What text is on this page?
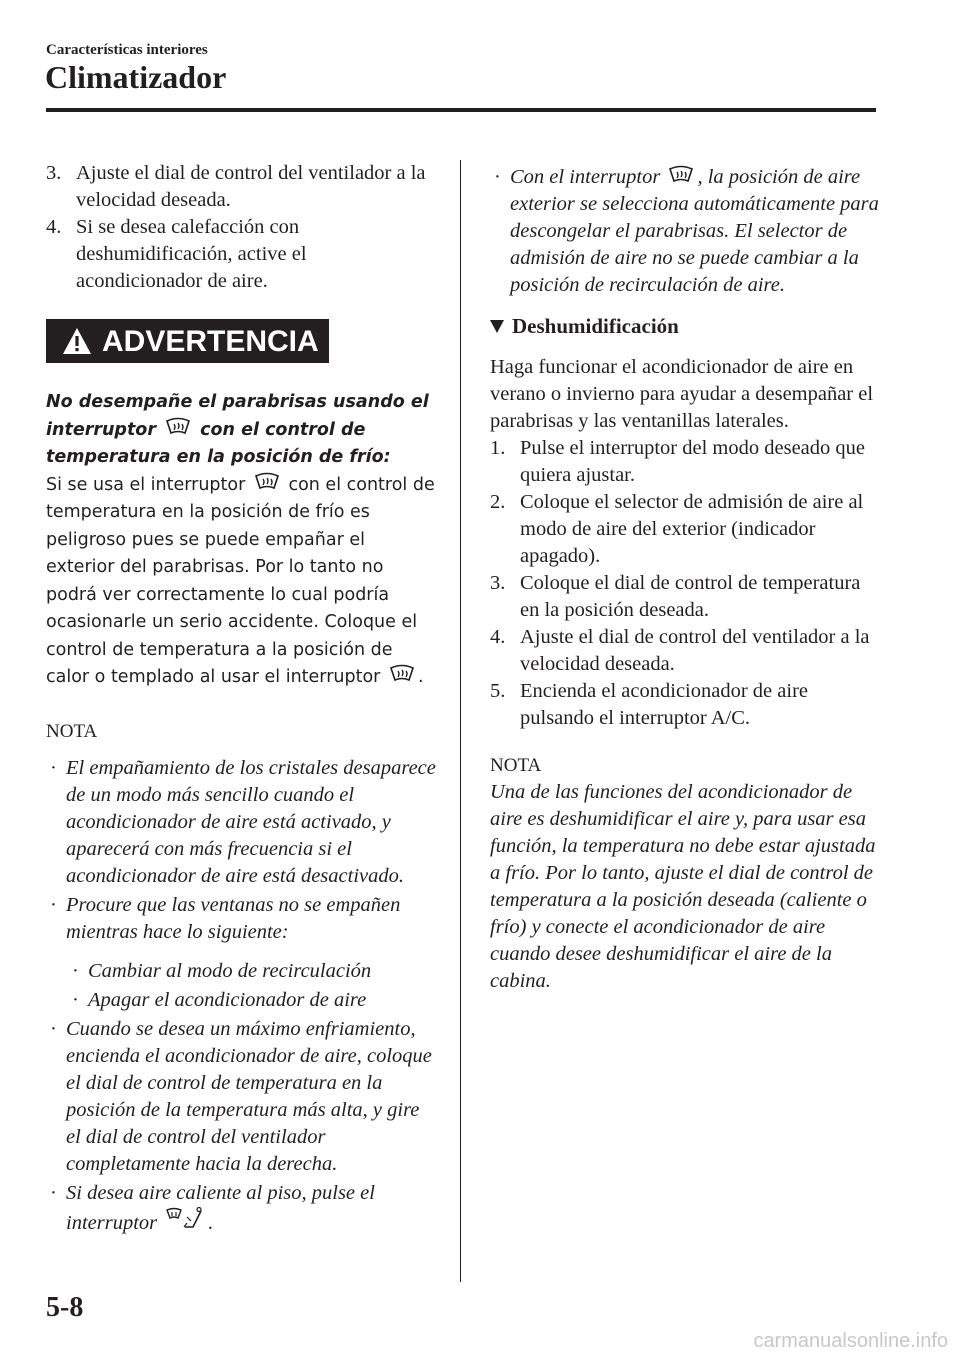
Características interiores
Climatizador
3. Ajuste el dial de control del ventilador a la velocidad deseada.
4. Si se desea calefacción con deshumidificación, active el acondicionador de aire.
ADVERTENCIA
No desempañe el parabrisas usando el interruptor	con el control de temperatura en la posición de frío:
Si se usa el interruptor con el control de temperatura en la posición de frío es peligroso pues se puede empañar el exterior del parabrisas. Por lo tanto no podrá ver correctamente lo cual podría ocasionarle un serio accidente. Coloque el control de temperatura a la posición de calor o templado al usar el interruptor .
NOTA
· El empañamiento de los cristales desaparece de un modo más sencillo cuando el acondicionador de aire está activado, y aparecerá con más frecuencia si el acondicionador de aire está desactivado.
· Procure que las ventanas no se empañen mientras hace lo siguiente:
· Cambiar al modo de recirculación
· Apagar el acondicionador de aire
· Cuando se desea un máximo enfriamiento, encienda el acondicionador de aire, coloque el dial de control de temperatura en la posición de la temperatura más alta, y gire el dial de control del ventilador completamente hacia la derecha.
· Si desea aire caliente al piso, pulse el interruptor .
· Con el interruptor , la posición de aire exterior se selecciona automáticamente para descongelar el parabrisas. El selector de admisión de aire no se puede cambiar a la posición de recirculación de aire.
Deshumidificación

Haga funcionar el acondicionador de aire en verano o invierno para ayudar a desempañar el parabrisas y las ventanillas laterales.

1. Pulse el interruptor del modo deseado que quiera ajustar.
2. Coloque el selector de admisión de aire al modo de aire del exterior (indicador apagado).
3. Coloque el dial de control de temperatura en la posición deseada.
4. Ajuste el dial de control del ventilador a la velocidad deseada.
5. Encienda el acondicionador de aire pulsando el interruptor A/C.
NOTA
Una de las funciones del acondicionador de aire es deshumidificar el aire y, para usar esa función, la temperatura no debe estar ajustada a frío. Por lo tanto, ajuste el dial de control de temperatura a la posición deseada (caliente o frío) y conecte el acondicionador de aire cuando desee deshumidificar el aire de la cabina.
5-8
carmanualsonline.info
